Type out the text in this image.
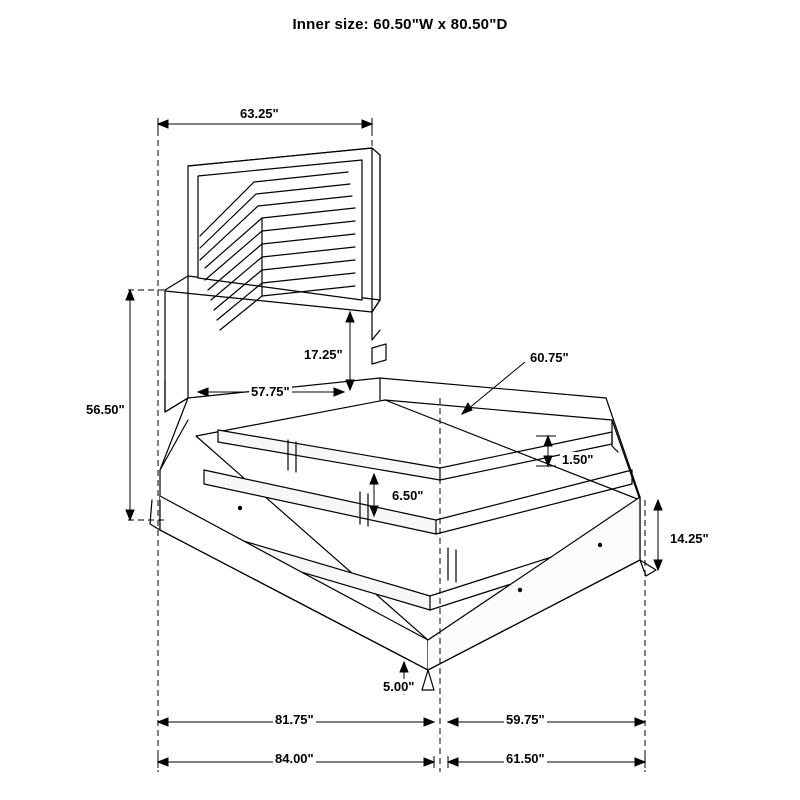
Inner size: 60.50"W x 80.50"D
63.25"
17.25"
57.75"
56.50"
60.75"
1.50"
6.50"
14.25"
5.00"
81.75"	59.75"
84.00"	61.50"
